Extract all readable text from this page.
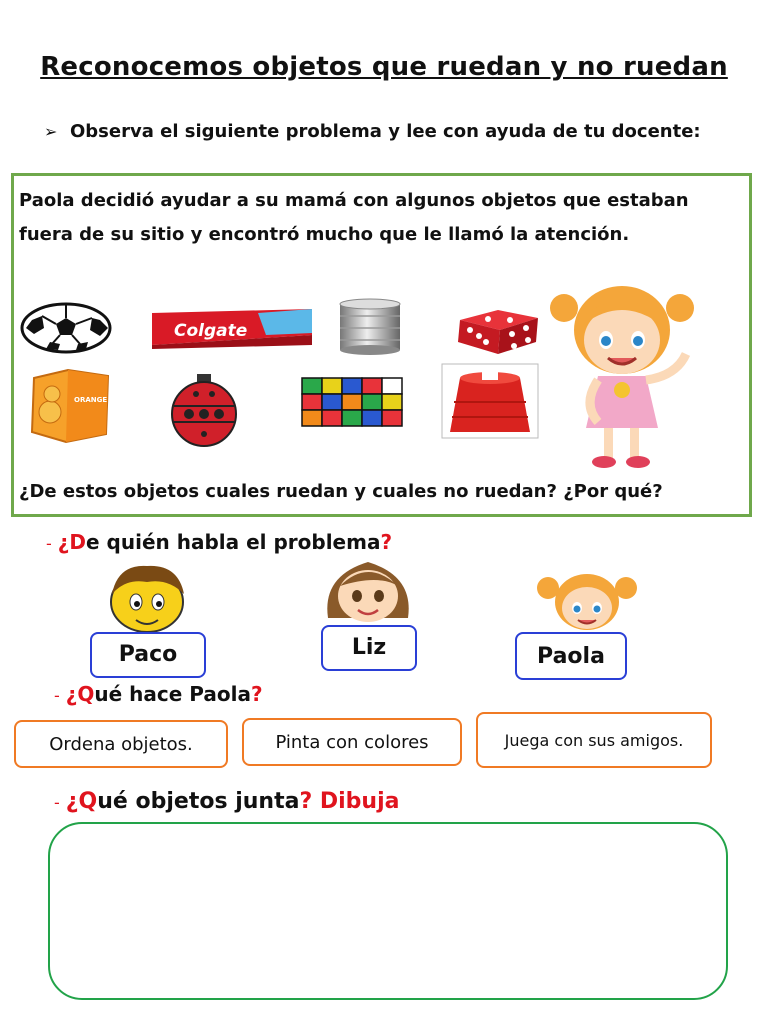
Reconocemos objetos que ruedan y no ruedan
➢ Observa el siguiente problema y lee con ayuda de tu docente:
Paola decidió ayudar a su mamá con algunos objetos que estaban fuera de su sitio y encontró mucho que le llamó la atención.
Colgate
ORANGE JUICE
¿De estos objetos cuales ruedan y cuales no ruedan? ¿Por qué?
- ¿De quién habla el problema?
Paco	Liz	Paola
- ¿Qué hace Paola?
Ordena objetos.	Pinta con colores	Juega con sus amigos.
- ¿Qué objetos junta? Dibuja
